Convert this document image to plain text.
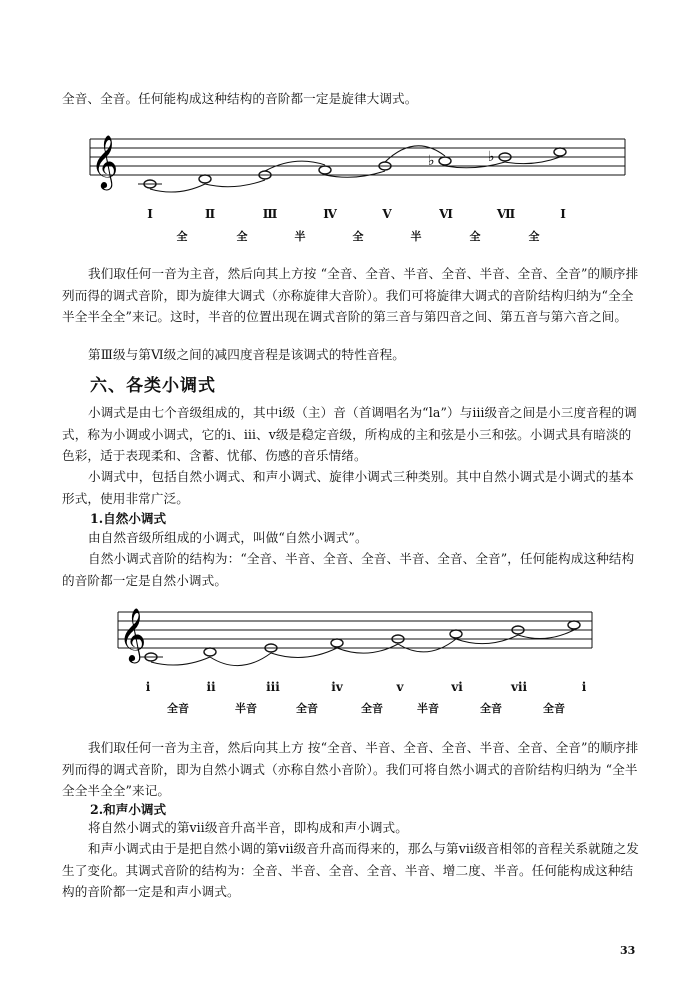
全音、全音。任何能构成这种结构的音阶都一定是旋律大调式。

𝄞	♭	♭
Ⅰ	Ⅱ	Ⅲ	Ⅳ	Ⅴ	Ⅵ	Ⅶ	Ⅰ
全	全	半	全	半	全	全

我们取任何一音为主音，然后向其上方按 “全音、全音、半音、全音、半音、全音、全音”的顺序排列而得的调式音阶，即为旋律大调式（亦称旋律大音阶）。我们可将旋律大调式的音阶结构归纳为“全全半全半全全”来记。这时，半音的位置出现在调式音阶的第三音与第四音之间、第五音与第六音之间。

第Ⅲ级与第Ⅵ级之间的减四度音程是该调式的特性音程。

六、各类小调式

小调式是由七个音级组成的，其中ⅰ级（主）音（首调唱名为“la”）与ⅲ级音之间是小三度音程的调式，称为小调或小调式，它的ⅰ、ⅲ、ⅴ级是稳定音级，所构成的主和弦是小三和弦。小调式具有暗淡的色彩，适于表现柔和、含蓄、忧郁、伤感的音乐情绪。

小调式中，包括自然小调式、和声小调式、旋律小调式三种类别。其中自然小调式是小调式的基本形式，使用非常广泛。

1.自然小调式

由自然音级所组成的小调式，叫做“自然小调式”。

自然小调式音阶的结构为：“全音、半音、全音、全音、半音、全音、全音”，任何能构成这种结构的音阶都一定是自然小调式。

𝄞
ⅰ	ⅱ	ⅲ	ⅳ	ⅴ	ⅵ	ⅶ	ⅰ
全音	半音	全音	全音	半音	全音	全音

我们取任何一音为主音，然后向其上方 按“全音、半音、全音、全音、半音、全音、全音”的顺序排列而得的调式音阶，即为自然小调式（亦称自然小音阶）。我们可将自然小调式的音阶结构归纳为 “全半全全半全全”来记。

2.和声小调式

将自然小调式的第ⅶ级音升高半音，即构成和声小调式。

和声小调式由于是把自然小调的第ⅶ级音升高而得来的，那么与第ⅶ级音相邻的音程关系就随之发生了变化。其调式音阶的结构为：全音、半音、全音、全音、半音、增二度、半音。任何能构成这种结构的音阶都一定是和声小调式。

33
